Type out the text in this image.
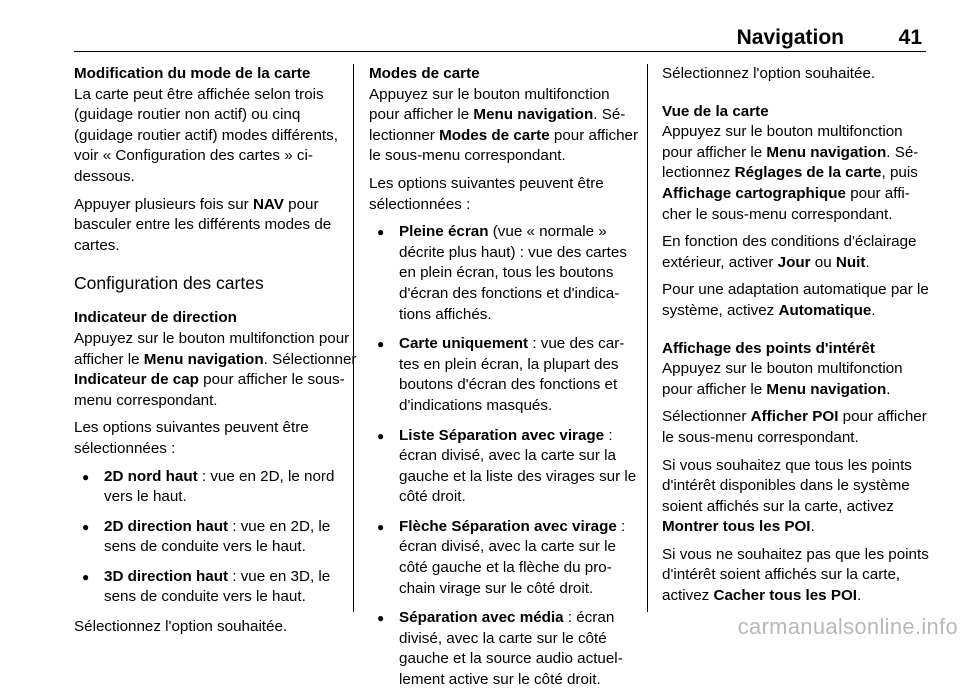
Navigation	41
Modification du mode de la carte

La carte peut être affichée selon trois (guidage routier non actif) ou cinq (guidage routier actif) modes différents, voir « Configuration des cartes » ci-dessous.

Appuyer plusieurs fois sur NAV pour basculer entre les différents modes de cartes.

Configuration des cartes
Indicateur de direction

Appuyez sur le bouton multifonction pour afficher le Menu navigation. Sélectionner Indicateur de cap pour afficher le sous-menu correspondant.

Les options suivantes peuvent être sélectionnées :

● 2D nord haut : vue en 2D, le nord vers le haut.
● 2D direction haut : vue en 2D, le sens de conduite vers le haut.
● 3D direction haut : vue en 3D, le sens de conduite vers le haut.

Sélectionnez l'option souhaitée.

Modes de carte

Appuyez sur le bouton multifonction pour afficher le Menu navigation. Sélectionner Modes de carte pour afficher le sous-menu correspondant.

Les options suivantes peuvent être sélectionnées :

● Pleine écran (vue « normale » décrite plus haut) : vue des cartes en plein écran, tous les boutons d'écran des fonctions et d'indications affichés.
● Carte uniquement : vue des cartes en plein écran, la plupart des boutons d'écran des fonctions et d'indications masqués.
● Liste Séparation avec virage : écran divisé, avec la carte sur la gauche et la liste des virages sur le côté droit.
● Flèche Séparation avec virage : écran divisé, avec la carte sur le côté gauche et la flèche du prochain virage sur le côté droit.
● Séparation avec média : écran divisé, avec la carte sur le côté gauche et la source audio actuellement active sur le côté droit.

Sélectionnez l'option souhaitée.

Vue de la carte

Appuyez sur le bouton multifonction pour afficher le Menu navigation. Sélectionnez Réglages de la carte, puis Affichage cartographique pour afficher le sous-menu correspondant.

En fonction des conditions d'éclairage extérieur, activer Jour ou Nuit.

Pour une adaptation automatique par le système, activez Automatique.

Affichage des points d'intérêt

Appuyez sur le bouton multifonction pour afficher le Menu navigation.

Sélectionner Afficher POI pour afficher le sous-menu correspondant.

Si vous souhaitez que tous les points d'intérêt disponibles dans le système soient affichés sur la carte, activez Montrer tous les POI.

Si vous ne souhaitez pas que les points d'intérêt soient affichés sur la carte, activez Cacher tous les POI.

carmanualsonline.info
